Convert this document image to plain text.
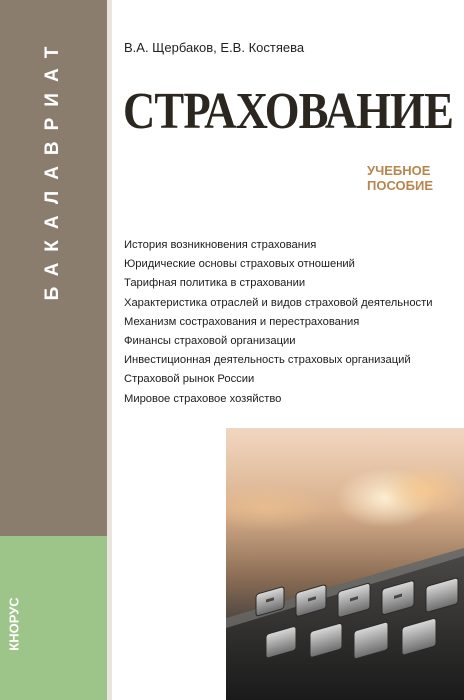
БАКАЛАВРИАТ
КНОРУС
В.А. Щербаков, Е.В. Костяева
СТРАХОВАНИЕ
УЧЕБНОЕ
ПОСОБИЕ
История возникновения страхования
Юридические основы страховых отношений
Тарифная политика в страховании
Характеристика отраслей и видов страховой деятельности
Механизм сострахования и перестрахования
Финансы страховой организации
Инвестиционная деятельность страховых организаций
Страховой рынок России
Мировое страховое хозяйство
